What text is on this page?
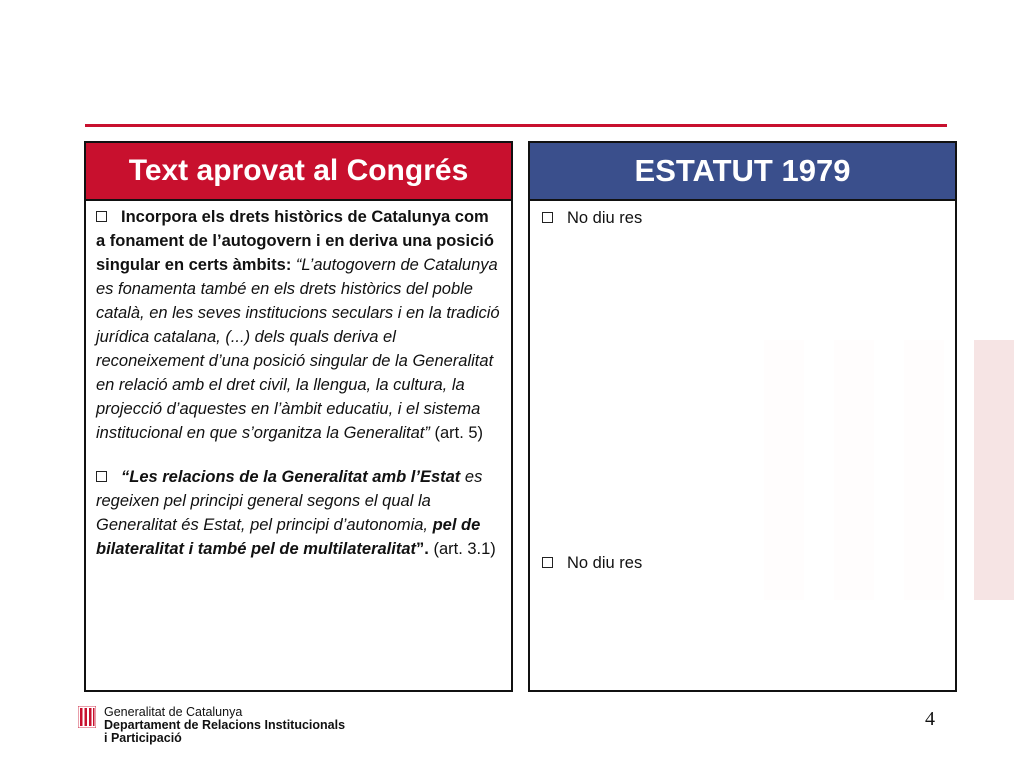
Text aprovat al Congrés

Incorpora els drets històrics de Catalunya com a fonament de l’autogovern i en deriva una posició singular en certs àmbits: “L’autogovern de Catalunya es fonamenta també en els drets històrics del poble català, en les seves institucions seculars i en la tradició jurídica catalana, (...) dels quals deriva el reconeixement d’una posició singular de la Generalitat en relació amb el dret civil, la llengua, la cultura, la projecció d’aquestes en l’àmbit educatiu, i el sistema institucional en que s’organitza la Generalitat” (art. 5)

“Les relacions de la Generalitat amb l’Estat es regeixen pel principi general segons el qual la Generalitat és Estat, pel principi d’autonomia, pel de bilateralitat i també pel de multilateralitat”. (art. 3.1)

ESTATUT 1979
No diu res
No diu res
Generalitat de Catalunya
Departament de Relacions Institucionals
i Participació
4
